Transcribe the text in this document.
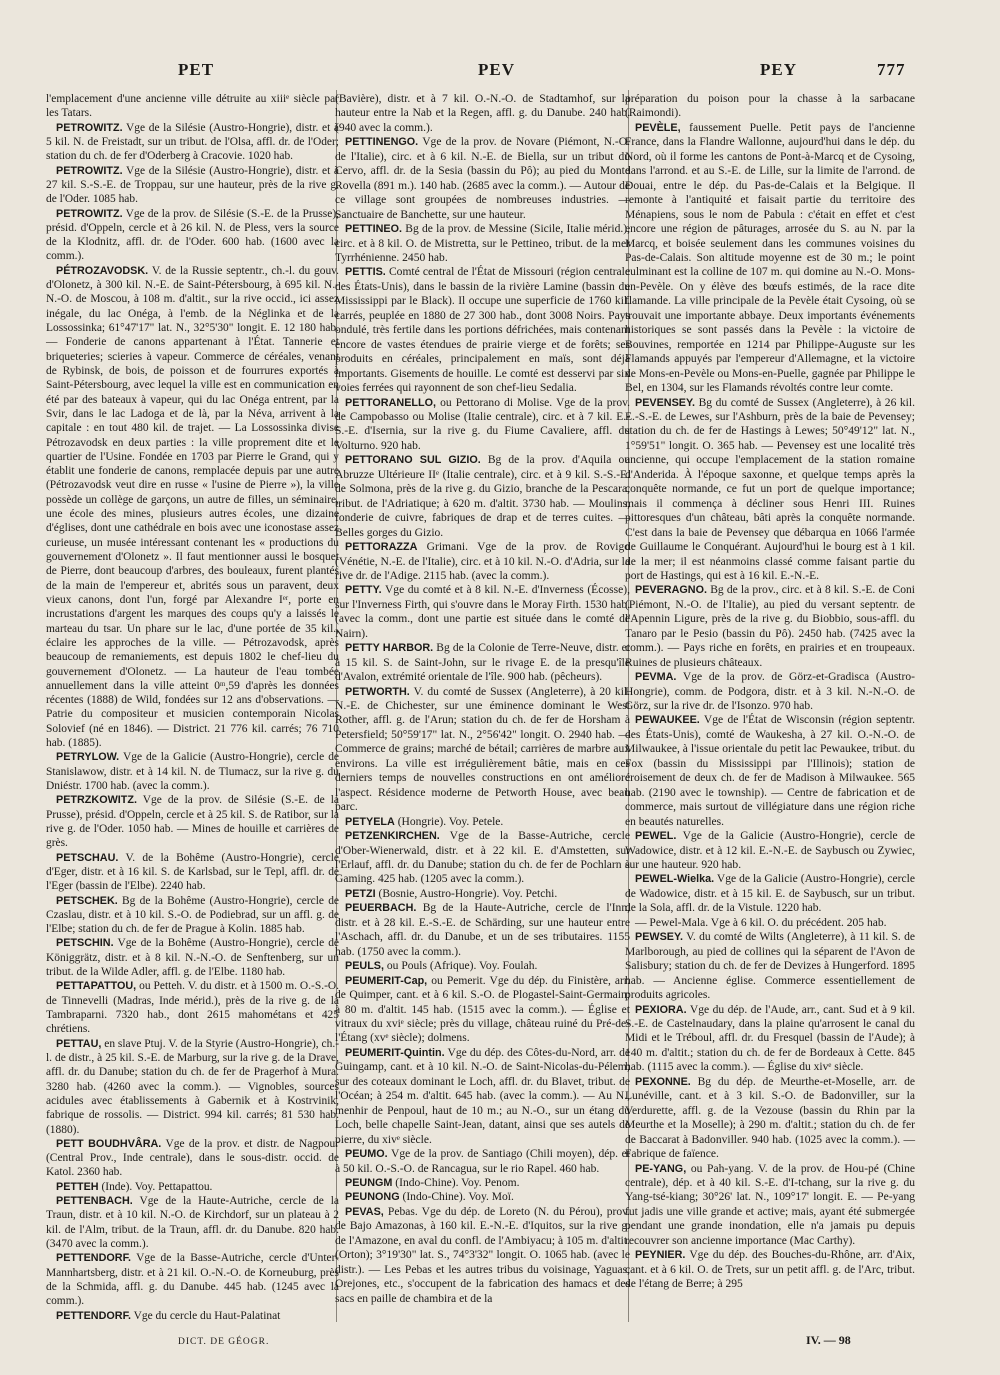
PET	PEV	PEY	777

l'emplacement d'une ancienne ville détruite au xiiiᵉ siècle par les Tatars.

PETROWITZ. Vge de la Silésie (Austro-Hongrie), distr. et à 5 kil. N. de Freistadt, sur un tribut. de l'Olsa, affl. dr. de l'Oder; station du ch. de fer d'Oderberg à Cracovie. 1020 hab.

PETROWITZ. Vge de la Silésie (Austro-Hongrie), distr. et à 27 kil. S.-S.-E. de Troppau, sur une hauteur, près de la rive g. de l'Oder. 1085 hab.

PETROWITZ. Vge de la prov. de Silésie (S.-E. de la Prusse), présid. d'Oppeln, cercle et à 26 kil. N. de Pless, vers la source de la Klodnitz, affl. dr. de l'Oder. 600 hab. (1600 avec la comm.).

PÉTROZAVODSK. V. de la Russie septentr., ch.-l. du gouv. d'Olonetz, à 300 kil. N.-E. de Saint-Pétersbourg, à 695 kil. N.-N.-O. de Moscou, à 108 m. d'altit., sur la rive occid., ici assez inégale, du lac Onéga, à l'emb. de la Néglinka et de la Lossossinka; 61°47'17" lat. N., 32°5'30" longit. E. 12 180 hab. — Fonderie de canons appartenant à l'État. Tannerie et briqueteries; scieries à vapeur. Commerce de céréales, venant de Rybinsk, de bois, de poisson et de fourrures exportés à Saint-Pétersbourg, avec lequel la ville est en communication en été par des bateaux à vapeur, qui du lac Onéga entrent, par la Svir, dans le lac Ladoga et de là, par la Néva, arrivent à la capitale : en tout 480 kil. de trajet. — La Lossossinka divise Pétrozavodsk en deux parties : la ville proprement dite et le quartier de l'Usine. Fondée en 1703 par Pierre le Grand, qui y établit une fonderie de canons, remplacée depuis par une autre (Pétrozavodsk veut dire en russe « l'usine de Pierre »), la ville possède un collège de garçons, un autre de filles, un séminaire, une école des mines, plusieurs autres écoles, une dizaine d'églises, dont une cathédrale en bois avec une iconostase assez curieuse, un musée intéressant contenant les « productions du gouvernement d'Olonetz ». Il faut mentionner aussi le bosquet de Pierre, dont beaucoup d'arbres, des bouleaux, furent plantés de la main de l'empereur et, abrités sous un paravent, deux vieux canons, dont l'un, forgé par Alexandre Iᵉʳ, porte en incrustations d'argent les marques des coups qu'y a laissés le marteau du tsar. Un phare sur le lac, d'une portée de 35 kil., éclaire les approches de la ville. — Pétrozavodsk, après beaucoup de remaniements, est depuis 1802 le chef-lieu du gouvernement d'Olonetz. — La hauteur de l'eau tombée annuellement dans la ville atteint 0ᵐ,59 d'après les données récentes (1888) de Wild, fondées sur 12 ans d'observations. — Patrie du compositeur et musicien contemporain Nicolas Solovief (né en 1846). — District. 21 776 kil. carrés; 76 710 hab. (1885).

PETRYLOW. Vge de la Galicie (Austro-Hongrie), cercle de Stanislawow, distr. et à 14 kil. N. de Tlumacz, sur la rive g. du Dniéstr. 1700 hab. (avec la comm.).

PETRZKOWITZ. Vge de la prov. de Silésie (S.-E. de la Prusse), présid. d'Oppeln, cercle et à 25 kil. S. de Ratibor, sur la rive g. de l'Oder. 1050 hab. — Mines de houille et carrières de grès.

PETSCHAU. V. de la Bohême (Austro-Hongrie), cercle d'Eger, distr. et à 16 kil. S. de Karlsbad, sur le Tepl, affl. dr. de l'Eger (bassin de l'Elbe). 2240 hab.

PETSCHEK. Bg de la Bohême (Austro-Hongrie), cercle de Czaslau, distr. et à 10 kil. S.-O. de Podiebrad, sur un affl. g. de l'Elbe; station du ch. de fer de Prague à Kolin. 1885 hab.

PETSCHIN. Vge de la Bohême (Austro-Hongrie), cercle de Königgrätz, distr. et à 8 kil. N.-N.-O. de Senftenberg, sur un tribut. de la Wilde Adler, affl. g. de l'Elbe. 1180 hab.

PETTAPATTOU, ou Petteh. V. du distr. et à 1500 m. O.-S.-O. de Tinnevelli (Madras, Inde mérid.), près de la rive g. de la Tambraparni. 7320 hab., dont 2615 mahométans et 425 chrétiens.

PETTAU, en slave Ptuj. V. de la Styrie (Austro-Hongrie), ch.-l. de distr., à 25 kil. S.-E. de Marburg, sur la rive g. de la Drave, affl. dr. du Danube; station du ch. de fer de Pragerhof à Mura. 3280 hab. (4260 avec la comm.). — Vignobles, sources acidules avec établissements à Gabernik et à Kostrvinik, fabrique de rossolis. — District. 994 kil. carrés; 81 530 hab. (1880).

PETT BOUDHVÂRA. Vge de la prov. et distr. de Nagpour (Central Prov., Inde centrale), dans le sous-distr. occid. de Katol. 2360 hab.

PETTEH (Inde). Voy. Pettapattou.

PETTENBACH. Vge de la Haute-Autriche, cercle de la Traun, distr. et à 10 kil. N.-O. de Kirchdorf, sur un plateau à 2 kil. de l'Alm, tribut. de la Traun, affl. dr. du Danube. 820 hab. (3470 avec la comm.).

PETTENDORF. Vge de la Basse-Autriche, cercle d'Unter-Mannhartsberg, distr. et à 21 kil. O.-N.-O. de Korneuburg, près de la Schmida, affl. g. du Danube. 445 hab. (1245 avec la comm.).

PETTENDORF. Vge du cercle du Haut-Palatinat

(Bavière), distr. et à 7 kil. O.-N.-O. de Stadtamhof, sur la hauteur entre la Nab et la Regen, affl. g. du Danube. 240 hab. (940 avec la comm.).

PETTINENGO. Vge de la prov. de Novare (Piémont, N.-O. de l'Italie), circ. et à 6 kil. N.-E. de Biella, sur un tribut du Cervo, affl. dr. de la Sesia (bassin du Pô); au pied du Monte Rovella (891 m.). 140 hab. (2685 avec la comm.). — Autour de ce village sont groupées de nombreuses industries. — Sanctuaire de Banchette, sur une hauteur.

PETTINEO. Bg de la prov. de Messine (Sicile, Italie mérid.), circ. et à 8 kil. O. de Mistretta, sur le Pettineo, tribut. de la mer Tyrrhénienne. 2450 hab.

PETTIS. Comté central de l'État de Missouri (région centrale des États-Unis), dans le bassin de la rivière Lamine (bassin du Mississippi par le Black). Il occupe une superficie de 1760 kil. carrés, peuplée en 1880 de 27 300 hab., dont 3008 Noirs. Pays ondulé, très fertile dans les portions défrichées, mais contenant encore de vastes étendues de prairie vierge et de forêts; ses produits en céréales, principalement en maïs, sont déjà importants. Gisements de houille. Le comté est desservi par six voies ferrées qui rayonnent de son chef-lieu Sedalia.

PETTORANELLO, ou Pettorano di Molise. Vge de la prov. de Campobasso ou Molise (Italie centrale), circ. et à 7 kil. E.-S.-E. d'Isernia, sur la rive g. du Fiume Cavaliere, affl. du Volturno. 920 hab.

PETTORANO SUL GIZIO. Bg de la prov. d'Aquila ou Abruzze Ultérieure IIᵉ (Italie centrale), circ. et à 9 kil. S.-S.-E. de Solmona, près de la rive g. du Gizio, branche de la Pescara, tribut. de l'Adriatique; à 620 m. d'altit. 3730 hab. — Moulins, fonderie de cuivre, fabriques de drap et de terres cuites. — Belles gorges du Gizio.

PETTORAZZA Grimani. Vge de la prov. de Rovigo (Vénétie, N.-E. de l'Italie), circ. et à 10 kil. N.-O. d'Adria, sur la rive dr. de l'Adige. 2115 hab. (avec la comm.).

PETTY. Vge du comté et à 8 kil. N.-E. d'Inverness (Écosse), sur l'Inverness Firth, qui s'ouvre dans le Moray Firth. 1530 hab. (avec la comm., dont une partie est située dans le comté de Nairn).

PETTY HARBOR. Bg de la Colonie de Terre-Neuve, distr. et à 15 kil. S. de Saint-John, sur le rivage E. de la presqu'île d'Avalon, extrémité orientale de l'île. 900 hab. (pêcheurs).

PETWORTH. V. du comté de Sussex (Angleterre), à 20 kil. N.-E. de Chichester, sur une éminence dominant le West Rother, affl. g. de l'Arun; station du ch. de fer de Horsham à Petersfield; 50°59'17" lat. N., 2°56'42" longit. O. 2940 hab. — Commerce de grains; marché de bétail; carrières de marbre aux environs. La ville est irrégulièrement bâtie, mais en ces derniers temps de nouvelles constructions en ont amélioré l'aspect. Résidence moderne de Petworth House, avec beau parc.

PETYELA (Hongrie). Voy. Petele.

PETZENKIRCHEN. Vge de la Basse-Autriche, cercle d'Ober-Wienerwald, distr. et à 22 kil. E. d'Amstetten, sur l'Erlauf, affl. dr. du Danube; station du ch. de fer de Pochlarn à Gaming. 425 hab. (1205 avec la comm.).

PETZI (Bosnie, Austro-Hongrie). Voy. Petchi.

PEUERBACH. Bg de la Haute-Autriche, cercle de l'Inn, distr. et à 28 kil. E.-S.-E. de Schärding, sur une hauteur entre l'Aschach, affl. dr. du Danube, et un de ses tributaires. 1155 hab. (1750 avec la comm.).

PEULS, ou Pouls (Afrique). Voy. Foulah.

PEUMERIT-Cap, ou Pemerit. Vge du dép. du Finistère, arr. de Quimper, cant. et à 6 kil. S.-O. de Plogastel-Saint-Germain; à 80 m. d'altit. 145 hab. (1515 avec la comm.). — Église et vitraux du xviᵉ siècle; près du village, château ruiné du Pré-de-l'Étang (xvᵉ siècle); dolmens.

PEUMERIT-Quintin. Vge du dép. des Côtes-du-Nord, arr. de Guingamp, cant. et à 10 kil. N.-O. de Saint-Nicolas-du-Pélem; sur des coteaux dominant le Loch, affl. dr. du Blavet, tribut. de l'Océan; à 254 m. d'altit. 645 hab. (avec la comm.). — Au N., menhir de Penpoul, haut de 10 m.; au N.-O., sur un étang du Loch, belle chapelle Saint-Jean, datant, ainsi que ses autels de pierre, du xivᵉ siècle.

PEUMO. Vge de la prov. de Santiago (Chili moyen), dép. et à 50 kil. O.-S.-O. de Rancagua, sur le rio Rapel. 460 hab.

PEUNGM (Indo-Chine). Voy. Penom.

PEUNONG (Indo-Chine). Voy. Moï.

PEVAS, Pebas. Vge du dép. de Loreto (N. du Pérou), prov. de Bajo Amazonas, à 160 kil. E.-N.-E. d'Iquitos, sur la rive g. de l'Amazone, en aval du confl. de l'Ambiyacu; à 105 m. d'altit. (Orton); 3°19'30" lat. S., 74°3'32" longit. O. 1065 hab. (avec le distr.). — Les Pebas et les autres tribus du voisinage, Yaguas, Orejones, etc., s'occupent de la fabrication des hamacs et des sacs en paille de chambira et de la

préparation du poison pour la chasse à la sarbacane (Raimondi).

PEVÈLE, faussement Puelle. Petit pays de l'ancienne France, dans la Flandre Wallonne, aujourd'hui dans le dép. du Nord, où il forme les cantons de Pont-à-Marcq et de Cysoing, dans l'arrond. et au S.-E. de Lille, sur la limite de l'arrond. de Douai, entre le dép. du Pas-de-Calais et la Belgique. Il remonte à l'antiquité et faisait partie du territoire des Ménapiens, sous le nom de Pabula : c'était en effet et c'est encore une région de pâturages, arrosée du S. au N. par la Marcq, et boisée seulement dans les communes voisines du Pas-de-Calais. Son altitude moyenne est de 30 m.; le point culminant est la colline de 107 m. qui domine au N.-O. Mons-en-Pevèle. On y élève des bœufs estimés, de la race dite flamande. La ville principale de la Pevèle était Cysoing, où se trouvait une importante abbaye. Deux importants événements historiques se sont passés dans la Pevèle : la victoire de Bouvines, remportée en 1214 par Philippe-Auguste sur les Flamands appuyés par l'empereur d'Allemagne, et la victoire de Mons-en-Pevèle ou Mons-en-Puelle, gagnée par Philippe le Bel, en 1304, sur les Flamands révoltés contre leur comte.

PEVENSEY. Bg du comté de Sussex (Angleterre), à 26 kil. E.-S.-E. de Lewes, sur l'Ashburn, près de la baie de Pevensey; station du ch. de fer de Hastings à Lewes; 50°49'12" lat. N., 1°59'51" longit. O. 365 hab. — Pevensey est une localité très ancienne, qui occupe l'emplacement de la station romaine d'Anderida. À l'époque saxonne, et quelque temps après la conquête normande, ce fut un port de quelque importance; mais il commença à décliner sous Henri III. Ruines pittoresques d'un château, bâti après la conquête normande. C'est dans la baie de Pevensey que débarqua en 1066 l'armée de Guillaume le Conquérant. Aujourd'hui le bourg est à 1 kil. de la mer; il est néanmoins classé comme faisant partie du port de Hastings, qui est à 16 kil. E.-N.-E.

PEVERAGNO. Bg de la prov., circ. et à 8 kil. S.-E. de Coni (Piémont, N.-O. de l'Italie), au pied du versant septentr. de l'Apennin Ligure, près de la rive g. du Biobbio, sous-affl. du Tanaro par le Pesio (bassin du Pô). 2450 hab. (7425 avec la comm.). — Pays riche en forêts, en prairies et en troupeaux. Ruines de plusieurs châteaux.

PEVMA. Vge de la prov. de Görz-et-Gradisca (Austro-Hongrie), comm. de Podgora, distr. et à 3 kil. N.-N.-O. de Görz, sur la rive dr. de l'Isonzo. 970 hab.

PEWAUKEE. Vge de l'État de Wisconsin (région septentr. des États-Unis), comté de Waukesha, à 27 kil. O.-N.-O. de Milwaukee, à l'issue orientale du petit lac Pewaukee, tribut. du Fox (bassin du Mississippi par l'Illinois); station de croisement de deux ch. de fer de Madison à Milwaukee. 565 hab. (2190 avec le township). — Centre de fabrication et de commerce, mais surtout de villégiature dans une région riche en beautés naturelles.

PEWEL. Vge de la Galicie (Austro-Hongrie), cercle de Wadowice, distr. et à 12 kil. E.-N.-E. de Saybusch ou Zywiec, sur une hauteur. 920 hab.

PEWEL-Wielka. Vge de la Galicie (Austro-Hongrie), cercle de Wadowice, distr. et à 15 kil. E. de Saybusch, sur un tribut. de la Sola, affl. dr. de la Vistule. 1220 hab.

— Pewel-Mala. Vge à 6 kil. O. du précédent. 205 hab.

PEWSEY. V. du comté de Wilts (Angleterre), à 11 kil. S. de Marlborough, au pied de collines qui la séparent de l'Avon de Salisbury; station du ch. de fer de Devizes à Hungerford. 1895 hab. — Ancienne église. Commerce essentiellement de produits agricoles.

PEXIORA. Vge du dép. de l'Aude, arr., cant. Sud et à 9 kil. S.-E. de Castelnaudary, dans la plaine qu'arrosent le canal du Midi et le Tréboul, affl. dr. du Fresquel (bassin de l'Aude); à 140 m. d'altit.; station du ch. de fer de Bordeaux à Cette. 845 hab. (1115 avec la comm.). — Église du xivᵉ siècle.

PEXONNE. Bg du dép. de Meurthe-et-Moselle, arr. de Lunéville, cant. et à 3 kil. S.-O. de Badonviller, sur la Verdurette, affl. g. de la Vezouse (bassin du Rhin par la Meurthe et la Moselle); à 290 m. d'altit.; station du ch. de fer de Baccarat à Badonviller. 940 hab. (1025 avec la comm.). — Fabrique de faïence.

PE-YANG, ou Pah-yang. V. de la prov. de Hou-pé (Chine centrale), dép. et à 40 kil. S.-E. d'I-tchang, sur la rive g. du Yang-tsé-kiang; 30°26' lat. N., 109°17' longit. E. — Pe-yang fut jadis une ville grande et active; mais, ayant été submergée pendant une grande inondation, elle n'a jamais pu depuis recouvrer son ancienne importance (Mac Carthy).

PEYNIER. Vge du dép. des Bouches-du-Rhône, arr. d'Aix, cant. et à 6 kil. O. de Trets, sur un petit affl. g. de l'Arc, tribut. de l'étang de Berre; à 295

DICT. DE GÉOGR.	IV. — 98
